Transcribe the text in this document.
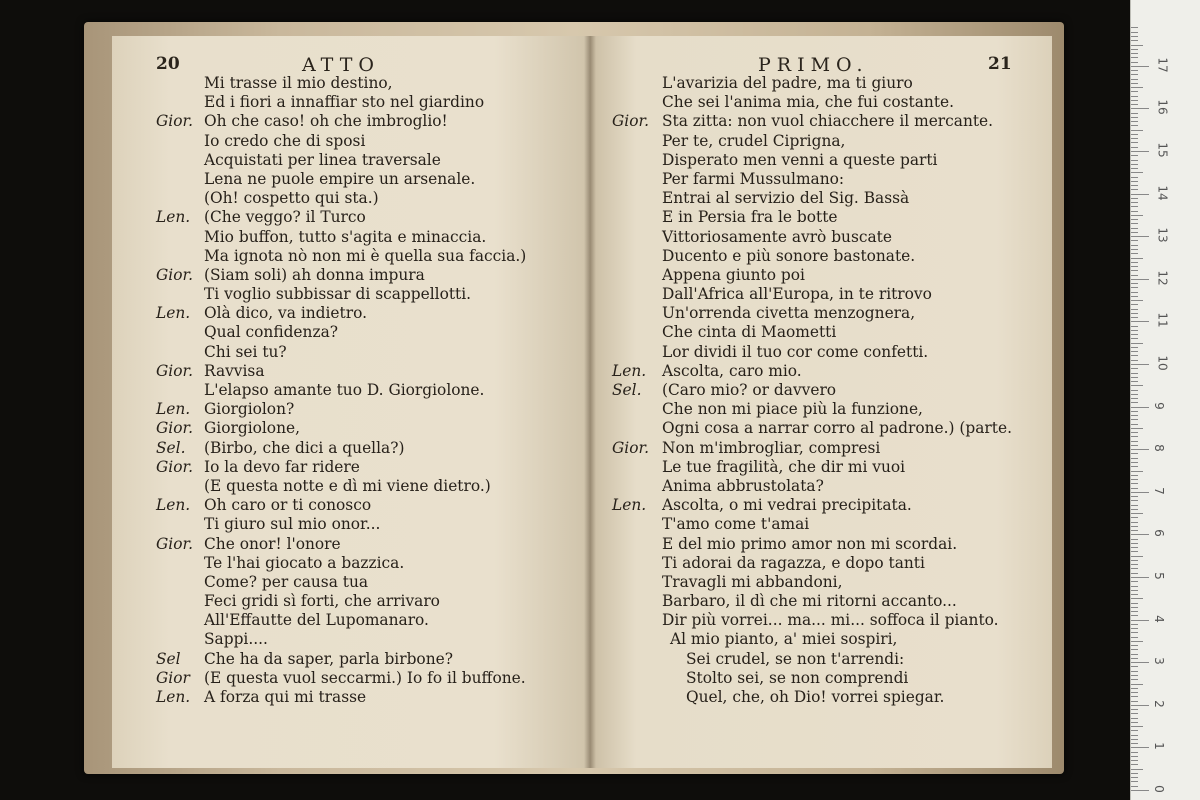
20	ATTO
Mi trasse il mio destino,
Ed i fiori a innaffiar sto nel giardino
Gior. Oh che caso! oh che imbroglio!
Io credo che di sposi
Acquistati per linea traversale
Lena ne puole empire un arsenale.
(Oh! cospetto qui sta.)
Len. (Che veggo? il Turco
Mio buffon, tutto s'agita e minaccia.
Ma ignota nò non mi è quella sua faccia.)
Gior. (Siam soli) ah donna impura
Ti voglio subbissar di scappellotti.
Len. Olà dico, va indietro.
Qual confidenza?
Chi sei tu?
Gior. Ravvisa
L'elapso amante tuo D. Giorgiolone.
Len. Giorgiolon?
Gior. Giorgiolone,
Sel. (Birbo, che dici a quella?)
Gior. Io la devo far ridere
(E questa notte e dì mi viene dietro.)
Len. Oh caro or ti conosco
Ti giuro sul mio onor...
Gior. Che onor! l'onore
Te l'hai giocato a bazzica.
Come? per causa tua
Feci gridi sì forti, che arrivaro
All'Effautte del Lupomanaro.
Sappi....
Sel Che ha da saper, parla birbone?
Gior (E questa vuol seccarmi.) Io fo il buffone.
Len. A forza qui mi trasse
21
PRIMO.
L'avarizia del padre, ma ti giuro
Che sei l'anima mia, che fui costante.
Gior. Sta zitta: non vuol chiacchere il mercante.
Per te, crudel Ciprigna,
Disperato men venni a queste parti
Per farmi Mussulmano:
Entrai al servizio del Sig. Bassà
E in Persia fra le botte
Vittoriosamente avrò buscate
Ducento e più sonore bastonate.
Appena giunto poi
Dall'Africa all'Europa, in te ritrovo
Un'orrenda civetta menzognera,
Che cinta di Maometti
Lor dividi il tuo cor come confetti.
Len. Ascolta, caro mio.
Sel. (Caro mio? or davvero
Che non mi piace più la funzione,
Ogni cosa a narrar corro al padrone.) (parte.
Gior. Non m'imbrogliar, compresi
Le tue fragilità, che dir mi vuoi
Anima abbrustolata?
Len. Ascolta, o mi vedrai precipitata.
T'amo come t'amai
E del mio primo amor non mi scordai.
Ti adorai da ragazza, e dopo tanti
Travagli mi abbandoni,
Barbaro, il dì che mi ritorni accanto...
Dir più vorrei... ma... mi... soffoca il pianto.
Al mio pianto, a' miei sospiri,
Sei crudel, se non t'arrendi:
Stolto sei, se non comprendi
Quel, che, oh Dio! vorrei spiegar.
0
1
2
3
4
5
6
7
8
9
10
11
12
13
14
15
16
17
